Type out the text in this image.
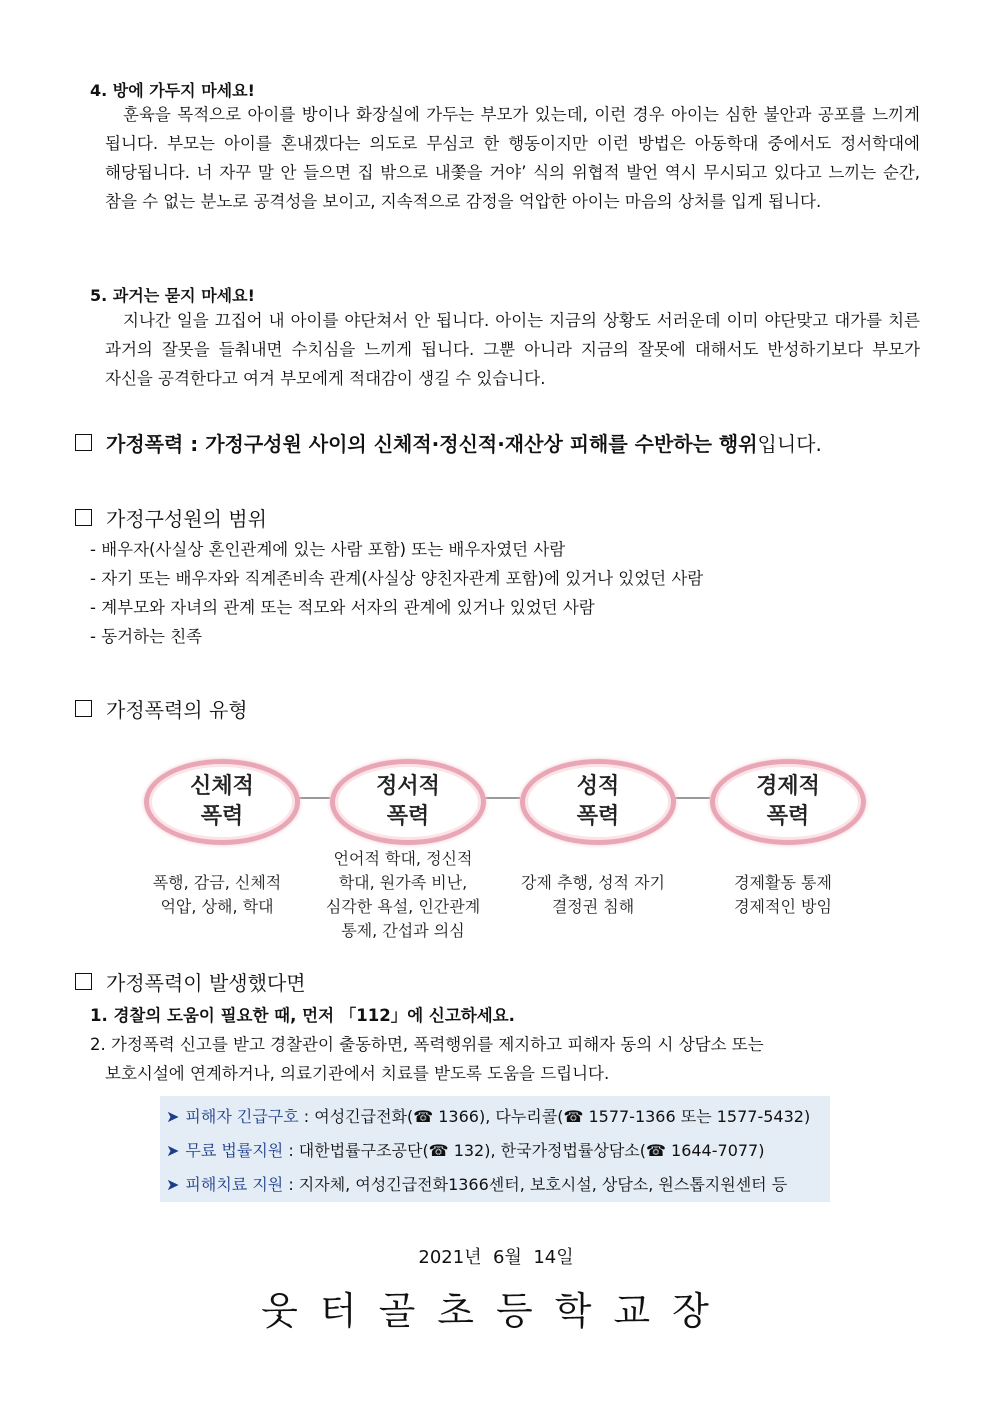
4. 방에 가두지 마세요!
훈육을 목적으로 아이를 방이나 화장실에 가두는 부모가 있는데, 이런 경우 아이는 심한 불안과 공포를 느끼게 됩니다. 부모는 아이를 혼내겠다는 의도로 무심코 한 행동이지만 이런 방법은 아동학대 중에서도 정서학대에 해당됩니다. 너 자꾸 말 안 들으면 집 밖으로 내쫓을 거야’ 식의 위협적 발언 역시 무시되고 있다고 느끼는 순간, 참을 수 없는 분노로 공격성을 보이고, 지속적으로 감정을 억압한 아이는 마음의 상처를 입게 됩니다.
5. 과거는 묻지 마세요!
지나간 일을 끄집어 내 아이를 야단쳐서 안 됩니다. 아이는 지금의 상황도 서러운데 이미 야단맞고 대가를 치른 과거의 잘못을 들춰내면 수치심을 느끼게 됩니다. 그뿐 아니라 지금의 잘못에 대해서도 반성하기보다 부모가 자신을 공격한다고 여겨 부모에게 적대감이 생길 수 있습니다.
가정폭력 : 가정구성원 사이의 신체적·정신적·재산상 피해를 수반하는 행위 입니다.
가정구성원의 범위
- 배우자(사실상 혼인관계에 있는 사람 포함) 또는 배우자였던 사람
- 자기 또는 배우자와 직계존비속 관계(사실상 양친자관계 포함)에 있거나 있었던 사람
- 계부모와 자녀의 관계 또는 적모와 서자의 관계에 있거나 있었던 사람
- 동거하는 친족
가정폭력의 유형
신체적
폭력
정서적
폭력
성적
폭력
경제적
폭력
폭행, 감금, 신체적
억압, 상해, 학대
언어적 학대, 정신적
학대, 원가족 비난,
심각한 욕설, 인간관계
통제, 간섭과 의심
강제 추행, 성적 자기
결정권 침해
경제활동 통제
경제적인 방임
가정폭력이 발생했다면
1. 경찰의 도움이 필요한 때, 먼저 「112」에 신고하세요.
2. 가정폭력 신고를 받고 경찰관이 출동하면, 폭력행위를 제지하고 피해자 동의 시 상담소 또는
보호시설에 연계하거나, 의료기관에서 치료를 받도록 도움을 드립니다.
➤ 피해자 긴급구호 : 여성긴급전화(☎ 1366), 다누리콜(☎ 1577-1366 또는 1577-5432)
➤ 무료 법률지원 : 대한법률구조공단(☎ 132), 한국가정법률상담소(☎ 1644-7077)
➤ 피해치료 지원 : 지자체, 여성긴급전화1366센터, 보호시설, 상담소, 원스톱지원센터 등
2021년  6월  14일
웃터골초등학교장
